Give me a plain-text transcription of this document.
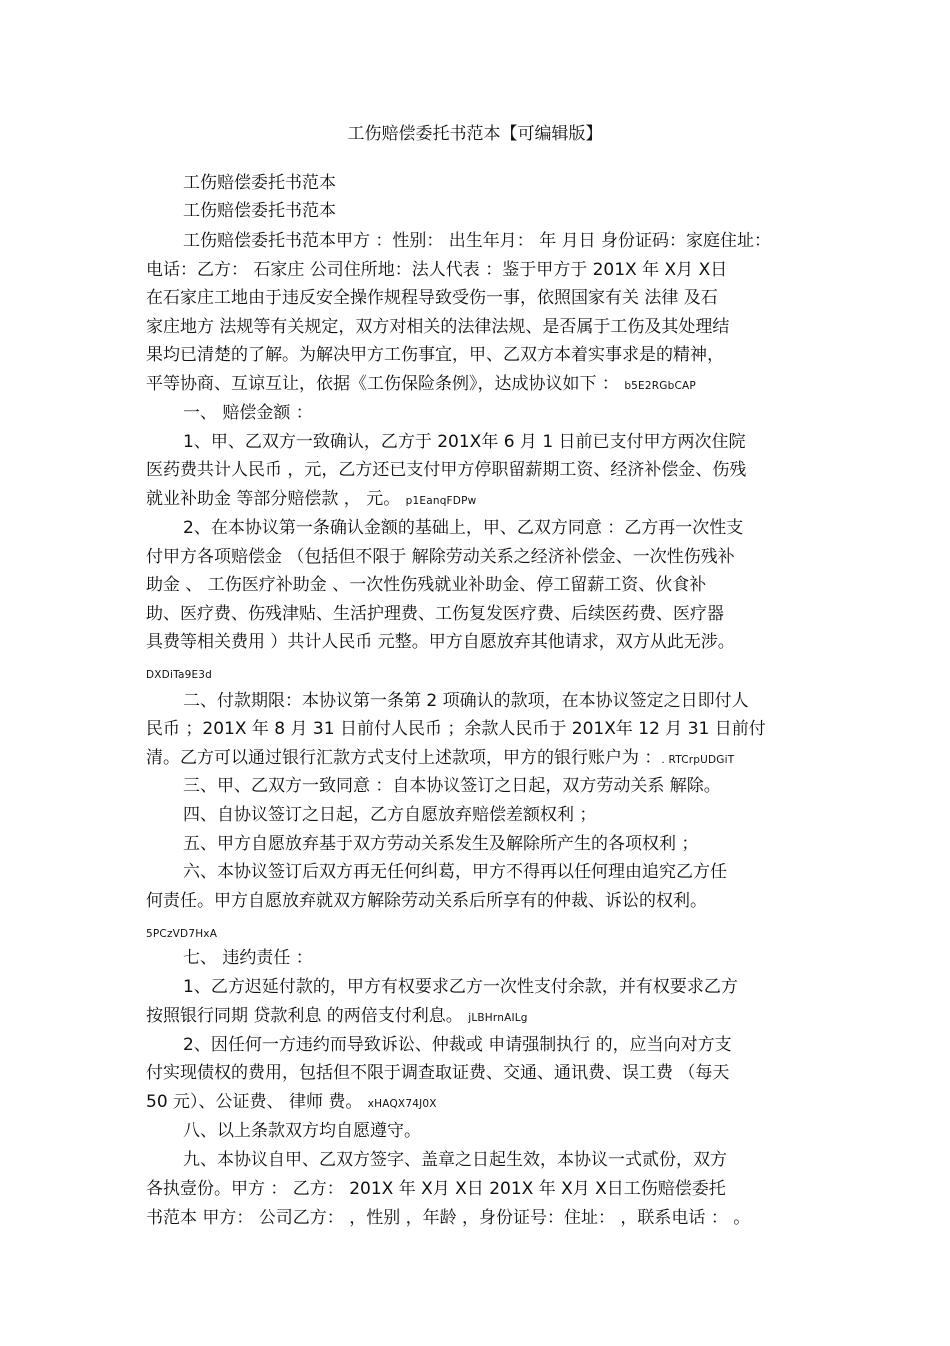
工伤赔偿委托书范本【可编辑版】
工伤赔偿委托书范本
工伤赔偿委托书范本
工伤赔偿委托书范本甲方 ：性别： 出生年月： 年 月日 身份证码：家庭住址：
电话：乙方： 石家庄 公司住所地：法人代表 ：鉴于甲方于 201X 年 X月 X日
在石家庄工地由于违反安全操作规程导致受伤一事，依照国家有关 法律 及石
家庄地方 法规等有关规定，双方对相关的法律法规、是否属于工伤及其处理结
果均已清楚的了解。为解决甲方工伤事宜，甲、乙双方本着实事求是的精神，
平等协商、互谅互让，依据《工伤保险条例》，达成协议如下 ： b5E2RGbCAP
一、 赔偿金额 ：
1、甲、乙双方一致确认，乙方于 201X年 6 月 1 日前已支付甲方两次住院
医药费共计人民币 ，元，乙方还已支付甲方停职留薪期工资、经济补偿金、伤残
就业补助金 等部分赔偿款 ， 元。 p1EanqFDPw
2、在本协议第一条确认金额的基础上，甲、乙双方同意 ：乙方再一次性支
付甲方各项赔偿金 （包括但不限于 解除劳动关系之经济补偿金、一次性伤残补
助金 、 工伤医疗补助金 、一次性伤残就业补助金、停工留薪工资、伙食补
助、医疗费、伤残津贴、生活护理费、工伤复发医疗费、后续医药费、医疗器
具费等相关费用 ）共计人民币 元整。甲方自愿放弃其他请求，双方从此无涉。
DXDiTa9E3d
二、付款期限：本协议第一条第 2 项确认的款项，在本协议签定之日即付人
民币 ；201X 年 8 月 31 日前付人民币 ；余款人民币于 201X年 12 月 31 日前付
清。乙方可以通过银行汇款方式支付上述款项，甲方的银行账户为 ：. RTCrpUDGiT
三、甲、乙双方一致同意 ：自本协议签订之日起，双方劳动关系 解除。
四、自协议签订之日起，乙方自愿放弃赔偿差额权利 ；
五、甲方自愿放弃基于双方劳动关系发生及解除所产生的各项权利 ；
六、本协议签订后双方再无任何纠葛，甲方不得再以任何理由追究乙方任
何责任。甲方自愿放弃就双方解除劳动关系后所享有的仲裁、诉讼的权利。
5PCzVD7HxA
七、 违约责任 ：
1、乙方迟延付款的，甲方有权要求乙方一次性支付余款，并有权要求乙方
按照银行同期 贷款利息 的两倍支付利息。 jLBHrnAILg
2、因任何一方违约而导致诉讼、仲裁或 申请强制执行 的，应当向对方支
付实现债权的费用，包括但不限于调查取证费、交通、通讯费、误工费 （每天
50 元）、公证费、 律师 费。 xHAQX74J0X
八、以上条款双方均自愿遵守。
九、本协议自甲、乙双方签字、盖章之日起生效，本协议一式贰份，双方
各执壹份。甲方 ： 乙方： 201X 年 X月 X日 201X 年 X月 X日工伤赔偿委托
书范本 甲方： 公司乙方： ，性别 ，年龄 ，身份证号：住址： ，联系电话 ： 。
